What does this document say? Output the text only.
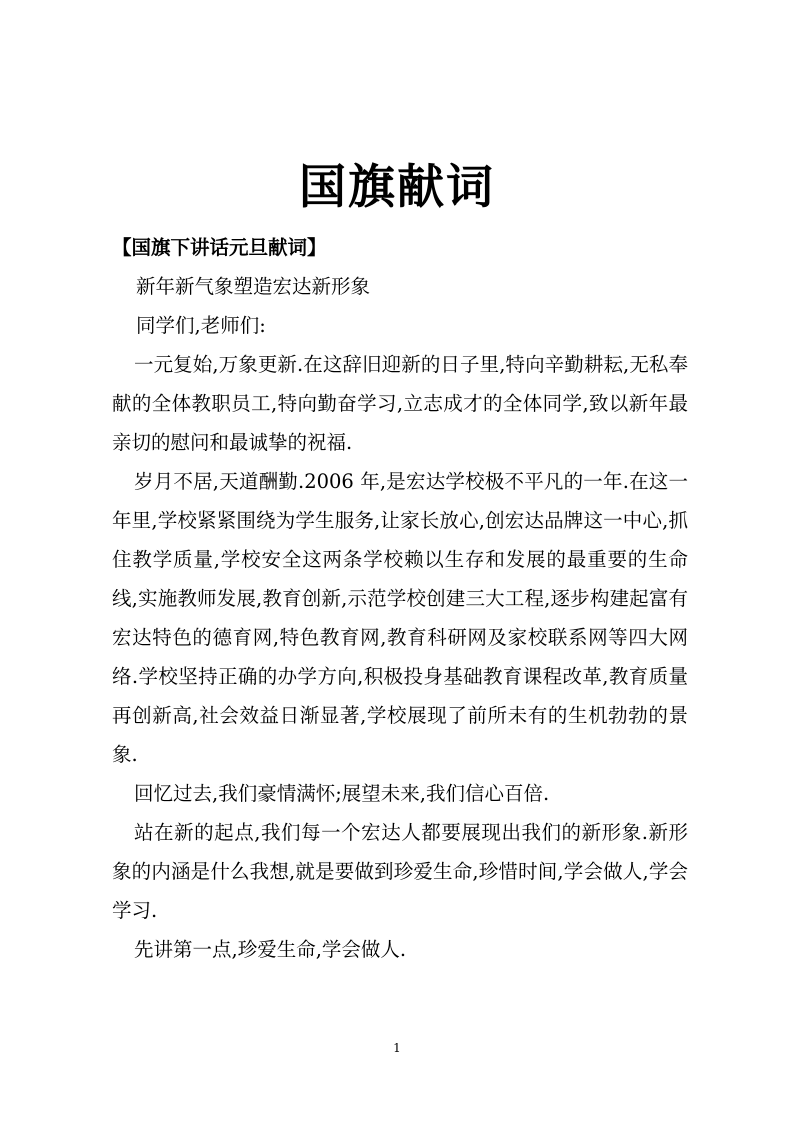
国旗献词

【国旗下讲话元旦献词】

新年新气象塑造宏达新形象

同学们,老师们:

一元复始,万象更新.在这辞旧迎新的日子里,特向辛勤耕耘,无私奉献的全体教职员工,特向勤奋学习,立志成才的全体同学,致以新年最亲切的慰问和最诚挚的祝福.

岁月不居,天道酬勤.2006 年,是宏达学校极不平凡的一年.在这一年里,学校紧紧围绕为学生服务,让家长放心,创宏达品牌这一中心,抓住教学质量,学校安全这两条学校赖以生存和发展的最重要的生命线,实施教师发展,教育创新,示范学校创建三大工程,逐步构建起富有宏达特色的德育网,特色教育网,教育科研网及家校联系网等四大网络.学校坚持正确的办学方向,积极投身基础教育课程改革,教育质量再创新高,社会效益日渐显著,学校展现了前所未有的生机勃勃的景象.

回忆过去,我们豪情满怀;展望未来,我们信心百倍.

站在新的起点,我们每一个宏达人都要展现出我们的新形象.新形象的内涵是什么我想,就是要做到珍爱生命,珍惜时间,学会做人,学会学习.

先讲第一点,珍爱生命,学会做人.

1
